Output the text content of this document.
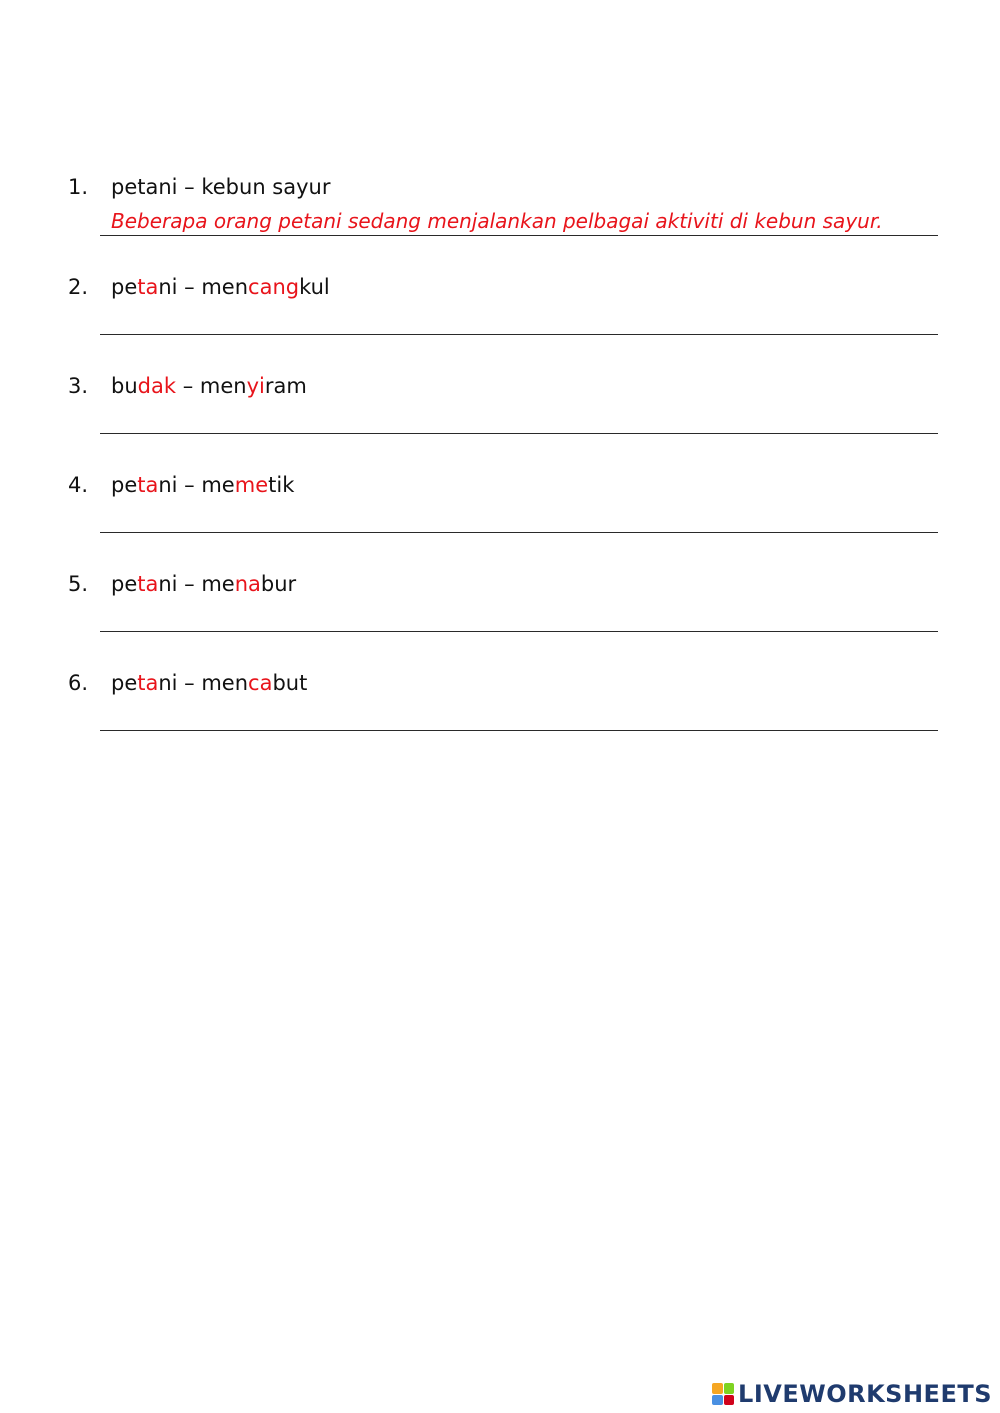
1. petani – kebun sayur
Beberapa orang petani sedang menjalankan pelbagai aktiviti di kebun sayur.
2. petani – mencangkul
3. budak – menyiram
4. petani – memetik
5. petani – menabur
6. petani – mencabut
LIVEWORKSHEETS
